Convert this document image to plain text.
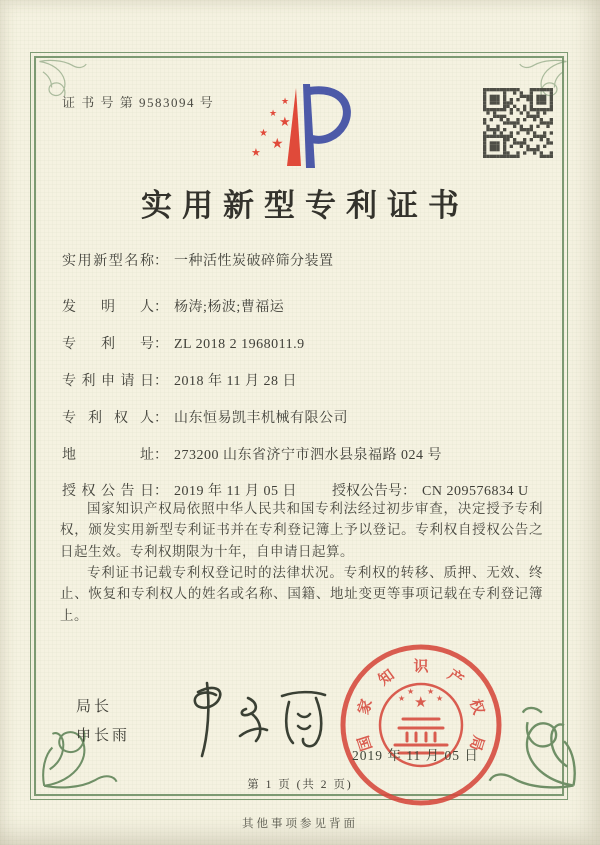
证 书 号 第 9583094 号	★
★
★
★
★
★
实用新型专利证书
实用新型名称： 一种活性炭破碎筛分装置
发明人： 杨涛;杨波;曹福运
专利号： ZL 2018 2 1968011.9
专利申请日： 2018 年 11 月 28 日
专利权人： 山东恒易凯丰机械有限公司
地址： 273200 山东省济宁市泗水县泉福路 024 号
授权公告日： 2019 年 11 月 05 日	授权公告号： CN 209576834 U

国家知识产权局依照中华人民共和国专利法经过初步审查，决定授予专利权，颁发实用新型专利证书并在专利登记簿上予以登记。专利权自授权公告之日起生效。专利权期限为十年，自申请日起算。

专利证书记载专利权登记时的法律状况。专利权的转移、质押、无效、终止、恢复和专利权人的姓名或名称、国籍、地址变更等事项记载在专利登记簿上。

局长
申长雨	国
家
知
识
产
权
局
★
★
★ ★
★
2019 年 11 月 05 日
第 1 页 (共 2 页)
其他事项参见背面
